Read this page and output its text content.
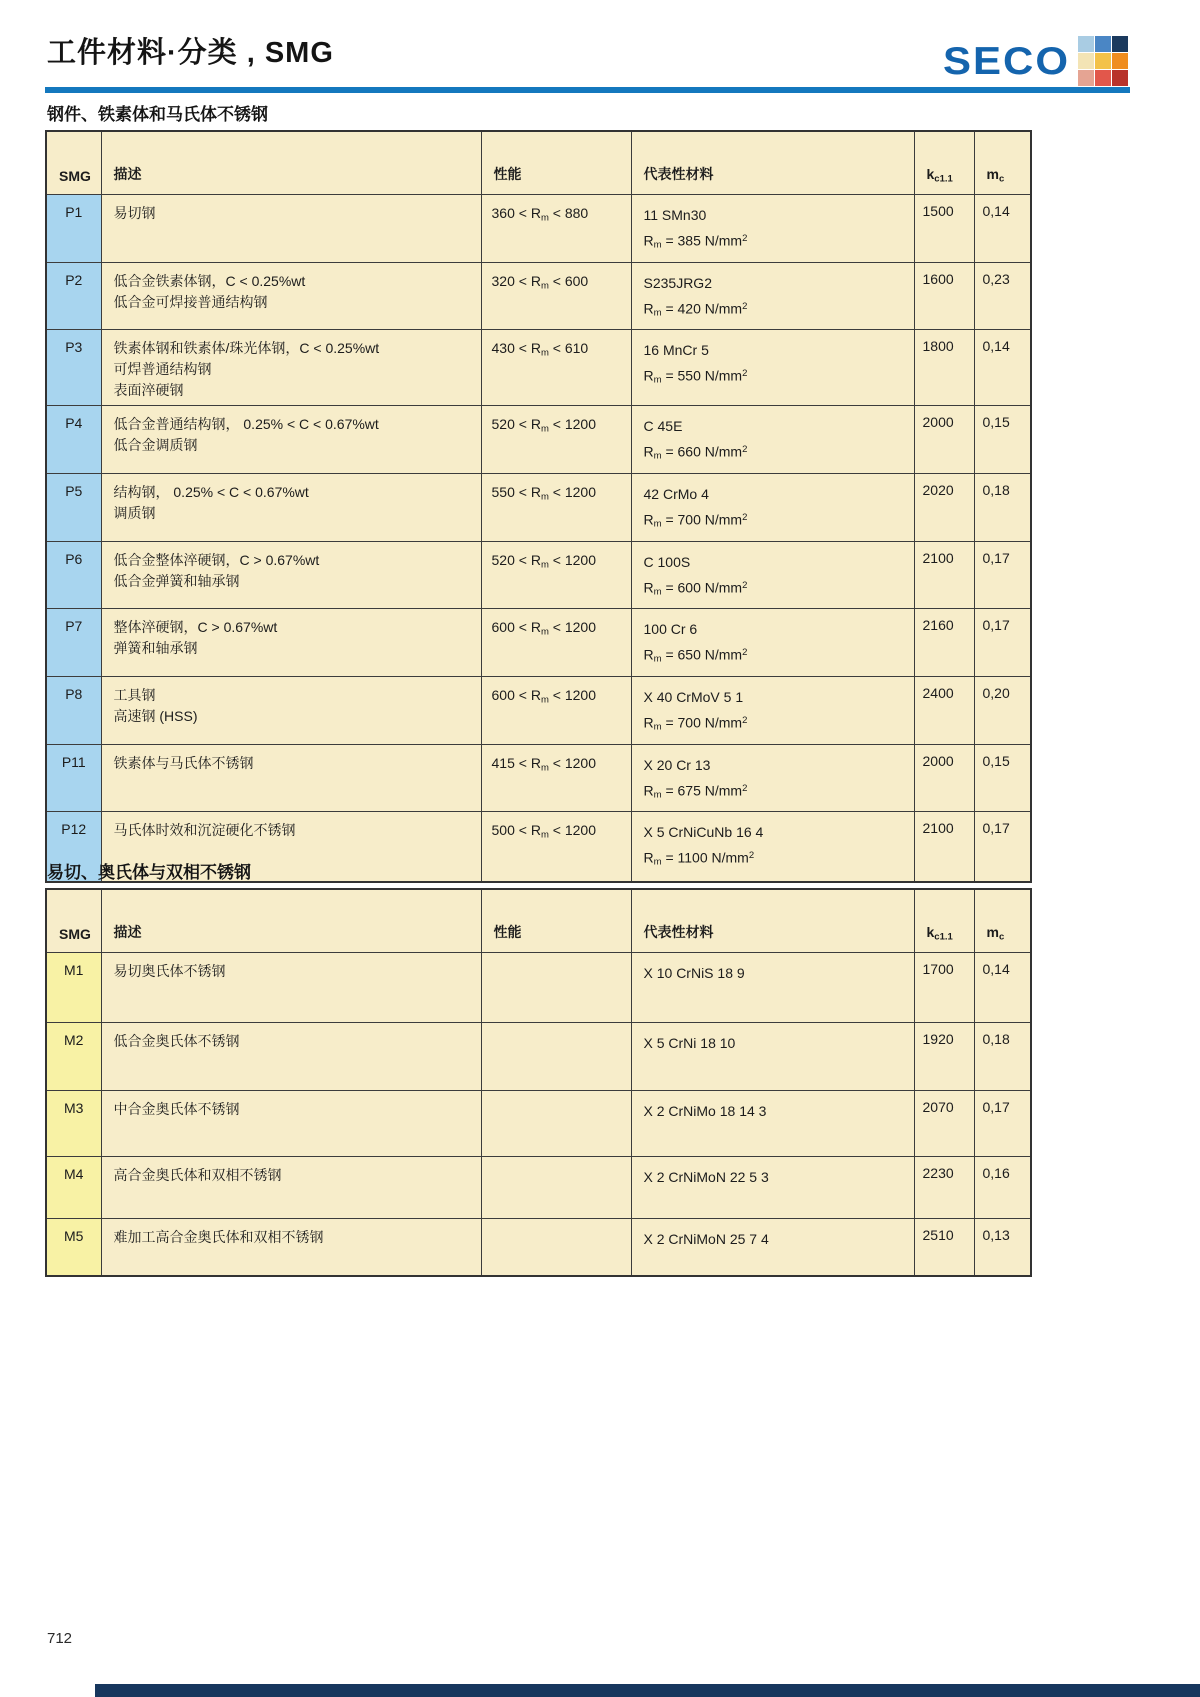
工件材料·分类 , SMG	SECO
钢件、铁素体和马氏体不锈钢
SMG	描述	性能	代表性材料	$k_{c1.1}$	$m_c$
P1	易切钢	$360 < R_m < 880$	11 SMn30
$R_m = 385$ $N/mm^2$	1500	0,14
P2	低合金铁素体钢，C < 0.25%wt
低合金可焊接普通结构钢	$320 < R_m < 600$	S235JRG2
$R_m = 420$ $N/mm^2$	1600	0,23
P3	铁素体钢和铁素体/珠光体钢，C < 0.25%wt
可焊普通结构钢
表面淬硬钢	$430 < R_m < 610$	16 MnCr 5
$R_m = 550$ $N/mm^2$	1800	0,14
P4	低合金普通结构钢， 0.25% < C < 0.67%wt
低合金调质钢	$520 < R_m < 1200$	C 45E
$R_m = 660$ $N/mm^2$	2000	0,15
P5	结构钢， 0.25% < C < 0.67%wt
调质钢	$550 < R_m < 1200$	42 CrMo 4
$R_m = 700$ $N/mm^2$	2020	0,18
P6	低合金整体淬硬钢，C > 0.67%wt
低合金弹簧和轴承钢	$520 < R_m < 1200$	C 100S
$R_m = 600$ $N/mm^2$	2100	0,17
P7	整体淬硬钢，C > 0.67%wt
弹簧和轴承钢	$600 < R_m < 1200$	100 Cr 6
$R_m = 650$ $N/mm^2$	2160	0,17
P8	工具钢
高速钢 (HSS)	$600 < R_m < 1200$	X 40 CrMoV 5 1
$R_m = 700$ $N/mm^2$	2400	0,20
P11	铁素体与马氏体不锈钢	$415 < R_m < 1200$	X 20 Cr 13
$R_m = 675$ $N/mm^2$	2000	0,15
P12	马氏体时效和沉淀硬化不锈钢	$500 < R_m < 1200$	X 5 CrNiCuNb 16 4
$R_m = 1100$ $N/mm^2$	2100	0,17
易切、奥氏体与双相不锈钢
SMG	描述	性能	代表性材料	$k_{c1.1}$	$m_c$
M1	易切奥氏体不锈钢		X 10 CrNiS 18 9	1700	0,14
M2	低合金奥氏体不锈钢		X 5 CrNi 18 10	1920	0,18
M3	中合金奥氏体不锈钢		X 2 CrNiMo 18 14 3	2070	0,17
M4	高合金奥氏体和双相不锈钢		X 2 CrNiMoN 22 5 3	2230	0,16
M5	难加工高合金奥氏体和双相不锈钢		X 2 CrNiMoN 25 7 4	2510	0,13
712
